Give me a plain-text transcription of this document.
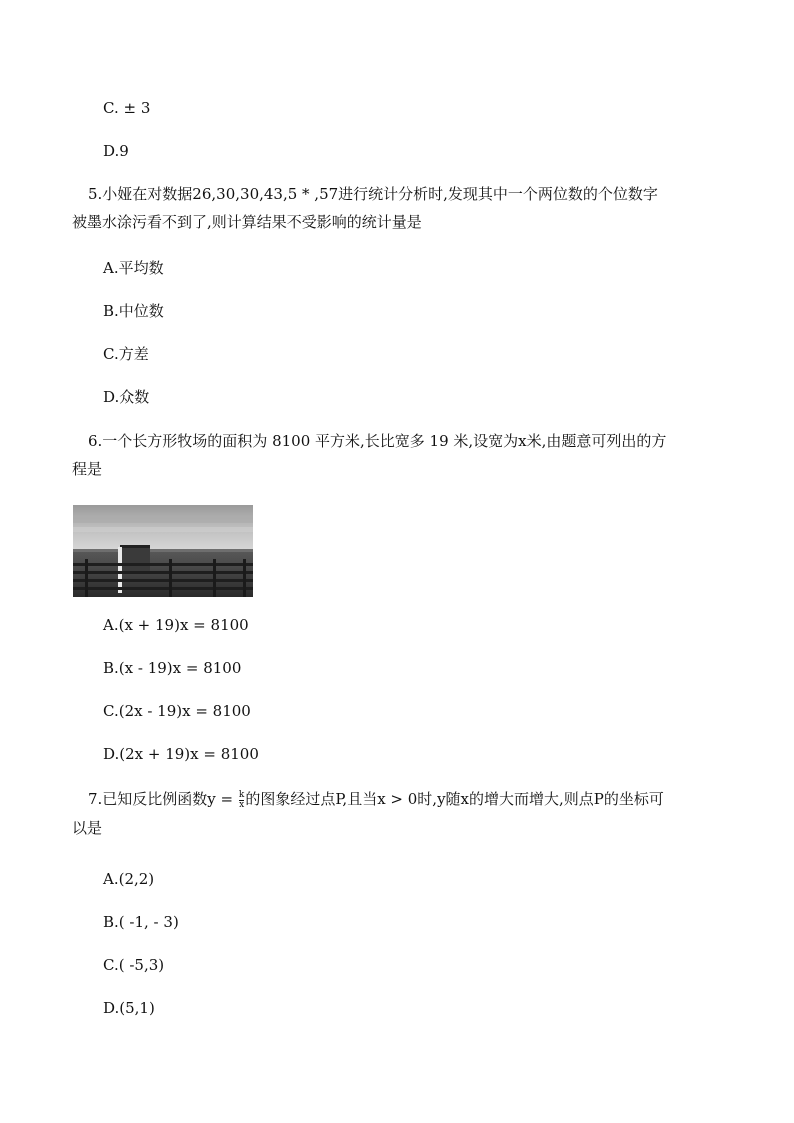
C. ± 3
D.9
5.小娅在对数据26,30,30,43,5 * ,57进行统计分析时,发现其中一个两位数的个位数字
被墨水涂污看不到了,则计算结果不受影响的统计量是
A.平均数
B.中位数
C.方差
D.众数
6.一个长方形牧场的面积为 8100 平方米,长比宽多 19 米,设宽为x米,由题意可列出的方
程是
A.(x + 19)x = 8100
B.(x - 19)x = 8100
C.(2x - 19)x = 8100
D.(2x + 19)x = 8100
7.已知反比例函数$y = \frac{k}{x}$ 的图象经过点P,且当x > 0时,y随x的增大而增大,则点P的坐标可
以是
A.(2,2)
B.( -1, - 3)
C.( -5,3)
D.(5,1)
